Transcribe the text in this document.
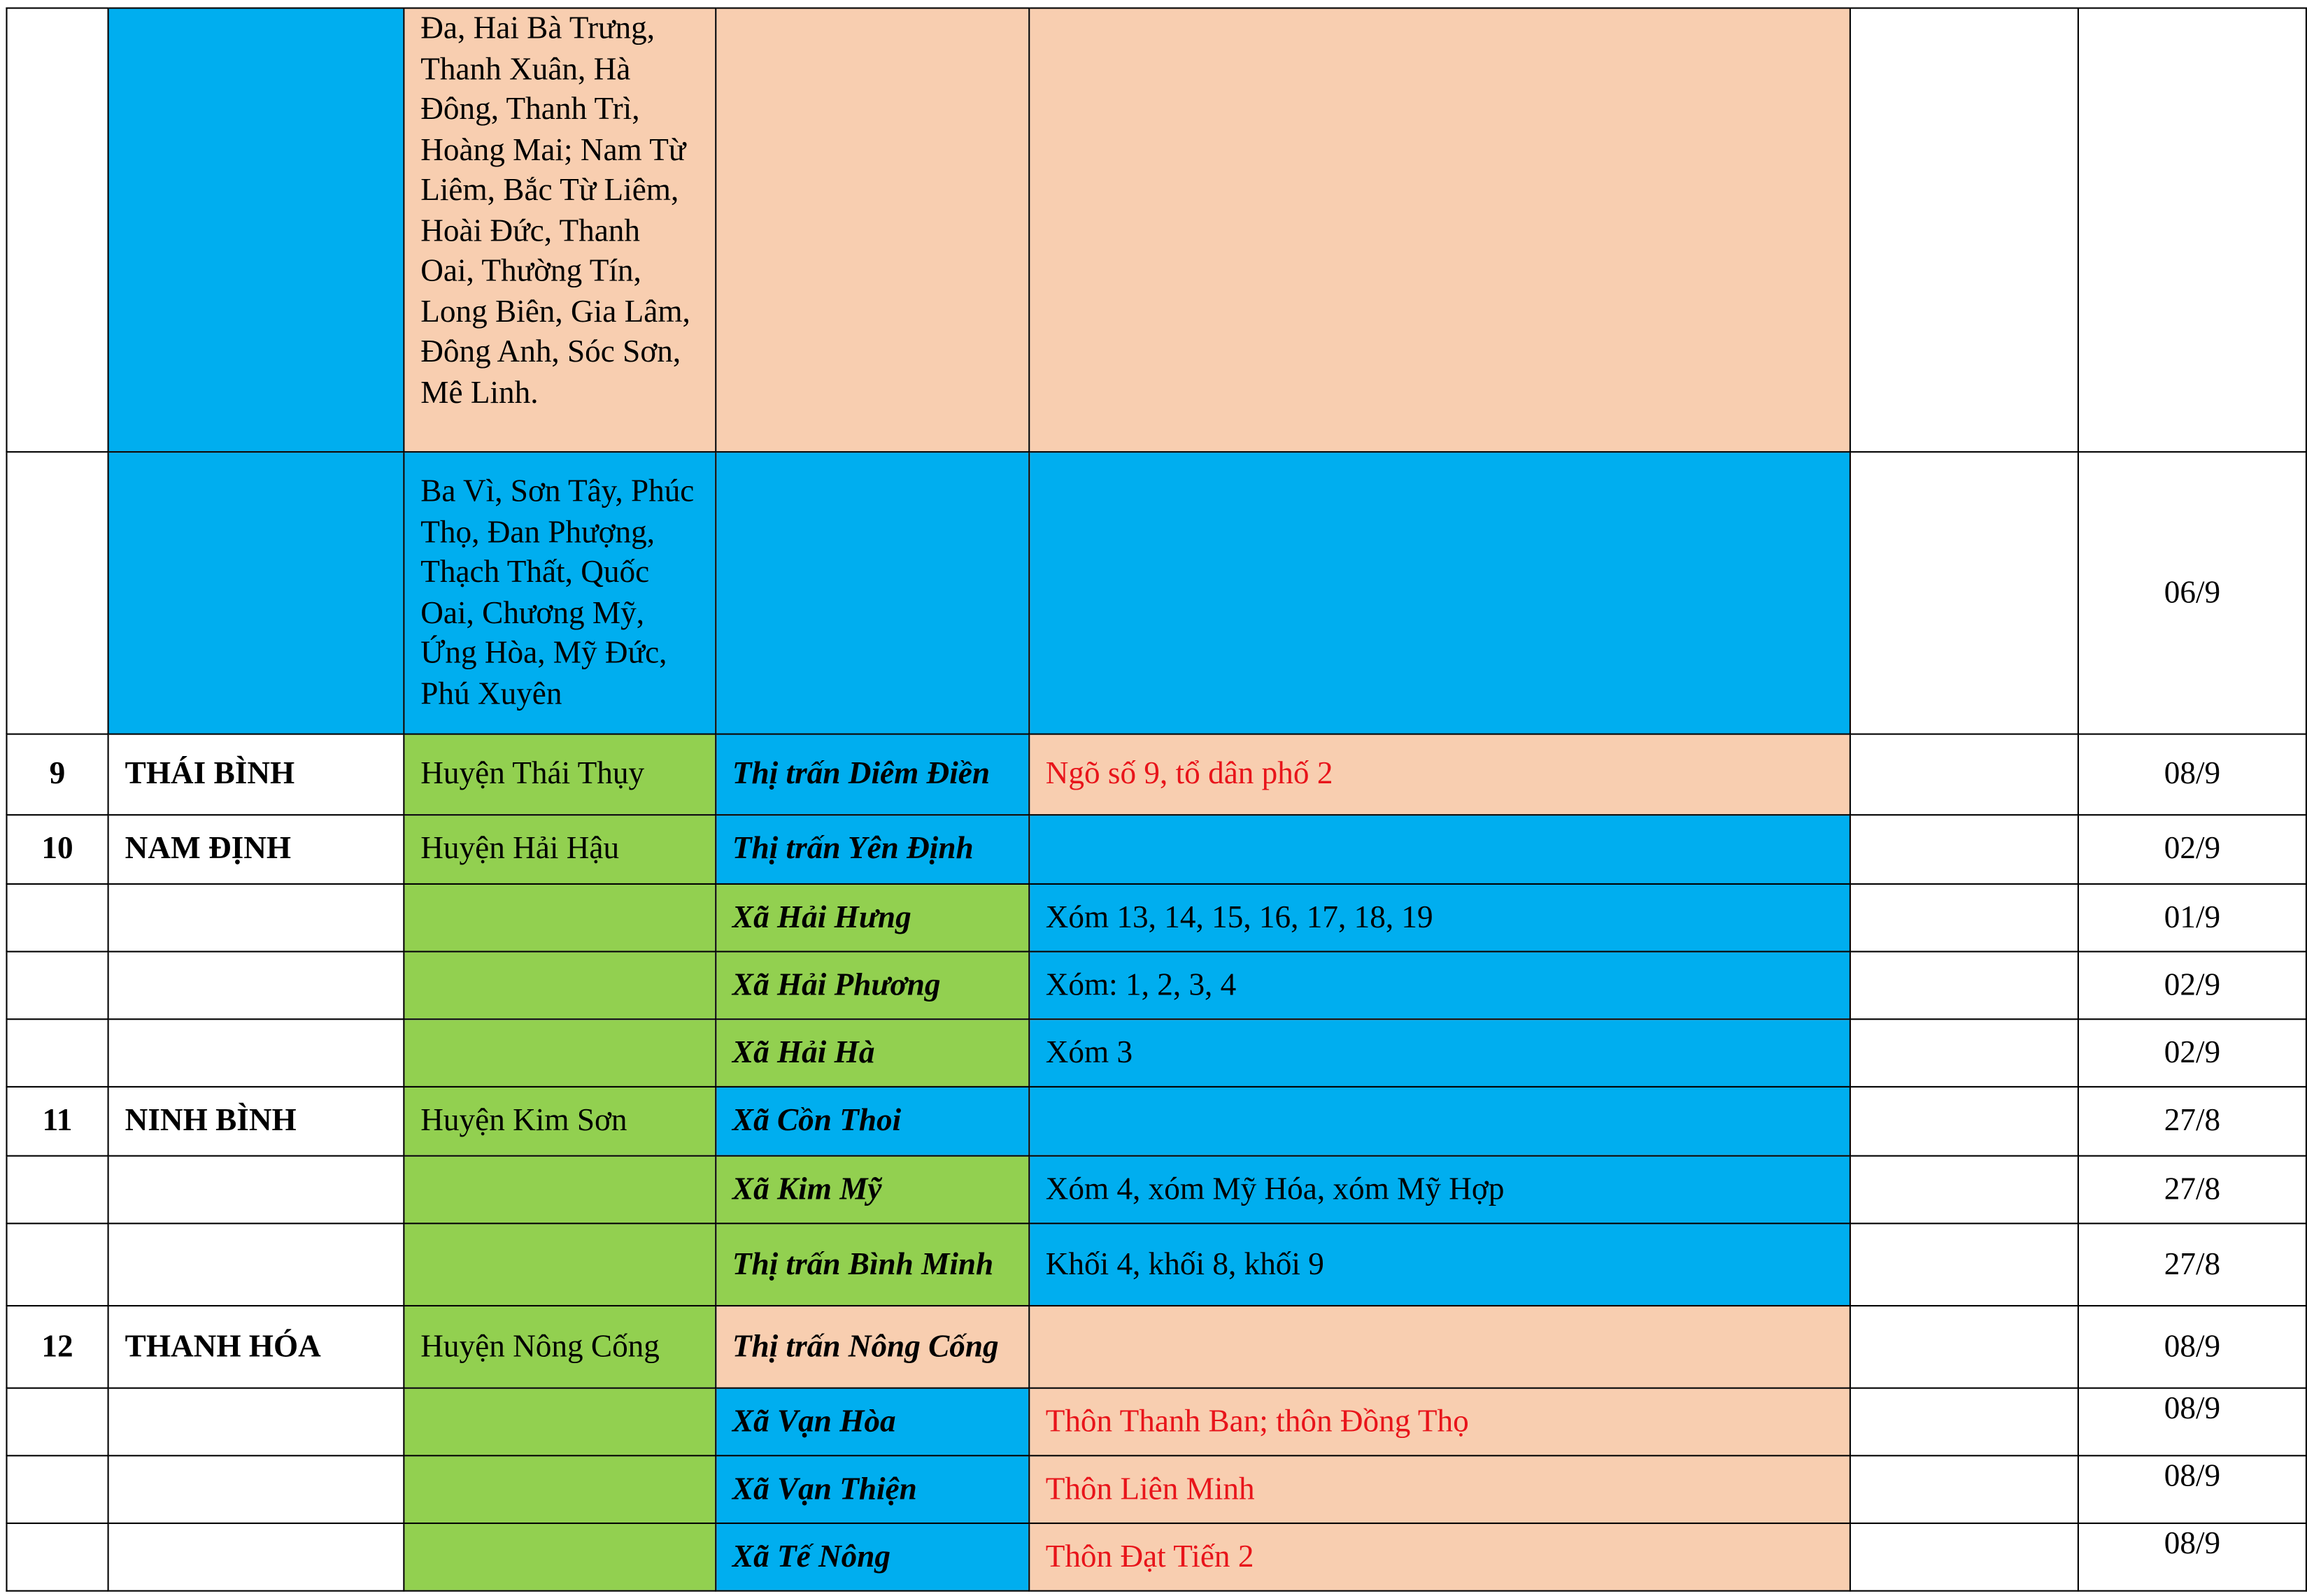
		Đa, Hai Bà Trưng, Thanh Xuân, Hà Đông, Thanh Trì, Hoàng Mai; Nam Từ Liêm, Bắc Từ Liêm, Hoài Đức, Thanh Oai, Thường Tín, Long Biên, Gia Lâm, Đông Anh, Sóc Sơn, Mê Linh.				
		Ba Vì, Sơn Tây, Phúc Thọ, Đan Phượng, Thạch Thất, Quốc Oai, Chương Mỹ, Ứng Hòa, Mỹ Đức, Phú Xuyên				06/9
9	THÁI BÌNH	Huyện Thái Thụy	Thị trấn Diêm Điền	Ngõ số 9, tổ dân phố 2		08/9
10	NAM ĐỊNH	Huyện Hải Hậu	Thị trấn Yên Định			02/9
			Xã Hải Hưng	Xóm 13, 14, 15, 16, 17, 18, 19		01/9
			Xã Hải Phương	Xóm: 1, 2, 3, 4		02/9
			Xã Hải Hà	Xóm 3		02/9
11	NINH BÌNH	Huyện Kim Sơn	Xã Cồn Thoi			27/8
			Xã Kim Mỹ	Xóm 4, xóm Mỹ Hóa, xóm Mỹ Hợp		27/8
			Thị trấn Bình Minh	Khối 4, khối 8, khối 9		27/8
12	THANH HÓA	Huyện Nông Cống	Thị trấn Nông Cống			08/9
			Xã Vạn Hòa	Thôn Thanh Ban; thôn Đồng Thọ		08/9
			Xã Vạn Thiện	Thôn Liên Minh		08/9
			Xã Tế Nông	Thôn Đạt Tiến 2		08/9
